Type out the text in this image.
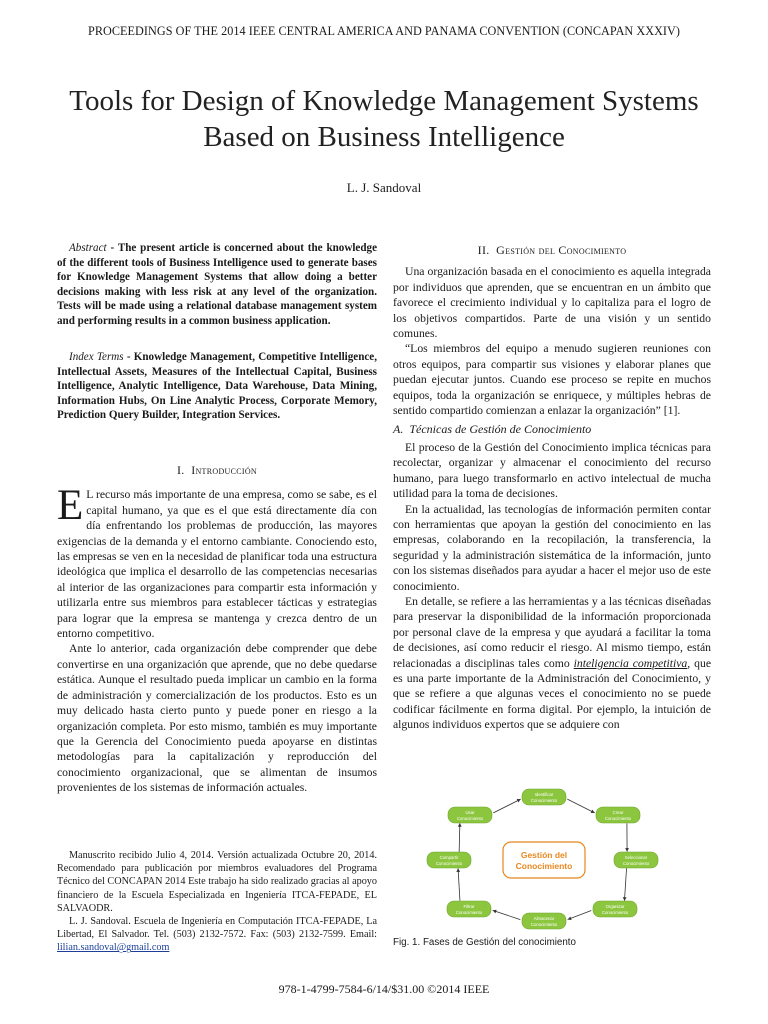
PROCEEDINGS OF THE 2014 IEEE CENTRAL AMERICA AND PANAMA CONVENTION (CONCAPAN XXXIV)
Tools for Design of Knowledge Management Systems Based on Business Intelligence
L. J. Sandoval

Abstract - The present article is concerned about the knowledge of the different tools of Business Intelligence used to generate bases for Knowledge Management Systems that allow doing a better decisions making with less risk at any level of the organization. Tests will be made using a relational database management system and performing results in a common business application.

Index Terms - Knowledge Management, Competitive Intelligence, Intellectual Assets, Measures of the Intellectual Capital, Business Intelligence, Analytic Intelligence, Data Warehouse, Data Mining, Information Hubs, On Line Analytic Process, Corporate Memory, Prediction Query Builder, Integration Services.

I. Introducción

E L recurso más importante de una empresa, como se sabe, es el capital humano, ya que es el que está directamente día con día enfrentando los problemas de producción, las mayores exigencias de la demanda y el entorno cambiante. Conociendo esto, las empresas se ven en la necesidad de planificar toda una estructura ideológica que implica el desarrollo de las competencias necesarias al interior de las organizaciones para compartir esta información y utilizarla entre sus miembros para establecer tácticas y estrategias para lograr que la empresa se mantenga y crezca dentro de un entorno competitivo.

Ante lo anterior, cada organización debe comprender que debe convertirse en una organización que aprende, que no debe quedarse estática. Aunque el resultado pueda implicar un cambio en la forma de administración y comercialización de los productos. Esto es un muy delicado hasta cierto punto y puede poner en riesgo a la organización completa. Por esto mismo, también es muy importante que la Gerencia del Conocimiento pueda apoyarse en distintas metodologías para la capitalización y reproducción del conocimiento organizacional, que se alimentan de insumos provenientes de los sistemas de información actuales.

Manuscrito recibido Julio 4, 2014. Versión actualizada Octubre 20, 2014. Recomendado para publicación por miembros evaluadores del Programa Técnico del CONCAPAN 2014 Este trabajo ha sido realizado gracias al apoyo financiero de la Escuela Especializada en Ingeniería ITCA-FEPADE, EL SALVAODR.

L. J. Sandoval. Escuela de Ingeniería en Computación ITCA-FEPADE, La Libertad, El Salvador. Tel. (503) 2132-7572. Fax: (503) 2132-7599. Email: lilian.sandoval@gmail.com

II. Gestión del Conocimiento

Una organización basada en el conocimiento es aquella integrada por individuos que aprenden, que se encuentran en un ámbito que favorece el crecimiento individual y lo capitaliza para el logro de los objetivos compartidos. Parte de una visión y un sentido comunes.

“Los miembros del equipo a menudo sugieren reuniones con otros equipos, para compartir sus visiones y elaborar planes que puedan ejecutar juntos. Cuando ese proceso se repite en muchos equipos, toda la organización se enriquece, y múltiples hebras de sentido compartido comienzan a enlazar la organización” [1].

A. Técnicas de Gestión de Conocimiento

El proceso de la Gestión del Conocimiento implica técnicas para recolectar, organizar y almacenar el conocimiento del recurso humano, para luego transformarlo en activo intelectual de mucha utilidad para la toma de decisiones.

En la actualidad, las tecnologías de información permiten contar con herramientas que apoyan la gestión del conocimiento en las empresas, colaborando en la recopilación, la transferencia, la seguridad y la administración sistemática de la información, junto con los sistemas diseñados para ayudar a hacer el mejor uso de este conocimiento.

En detalle, se refiere a las herramientas y a las técnicas diseñadas para preservar la disponibilidad de la información proporcionada por personal clave de la empresa y que ayudará a facilitar la toma de decisiones, así como reducir el riesgo. Al mismo tiempo, están relacionadas a disciplinas tales como inteligencia competitiva, que es una parte importante de la Administración del Conocimiento, y que se refiere a que algunas veces el conocimiento no se puede codificar fácilmente en forma digital. Por ejemplo, la intuición de algunos individuos expertos que se adquiere con

Gestión del
Conocimiento
Identificar
Conocimiento
Crear
Conocimiento
Seleccionar
Conocimiento
Organizar
Conocimiento
Almacenar
Conocimiento
Filtrar
Conocimiento
Compartir
Conocimiento
Usar
Conocimiento
Fig. 1. Fases de Gestión del conocimiento
978-1-4799-7584-6/14/$31.00 ©2014 IEEE
